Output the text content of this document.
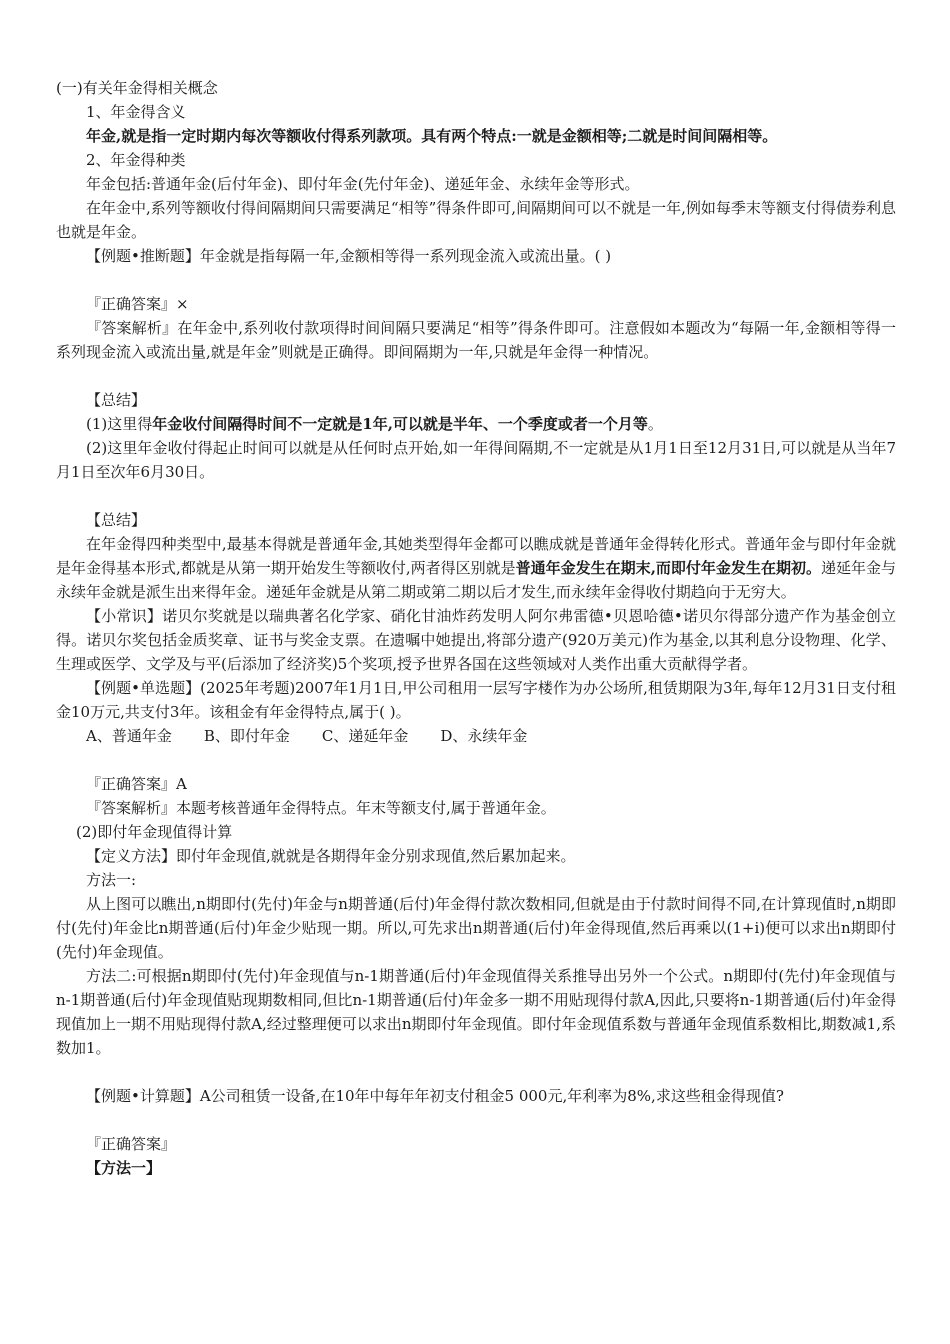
(一)有关年金得相关概念
1、年金得含义
年金,就是指一定时期内每次等额收付得系列款项。具有两个特点:一就是金额相等;二就是时间间隔相等。
2、年金得种类
年金包括:普通年金(后付年金)、即付年金(先付年金)、递延年金、永续年金等形式。
在年金中,系列等额收付得间隔期间只需要满足“相等”得条件即可,间隔期间可以不就是一年,例如每季末等额支付得债券利息也就是年金。
【例题•推断题】年金就是指每隔一年,金额相等得一系列现金流入或流出量。( )
『正确答案』×
『答案解析』在年金中,系列收付款项得时间间隔只要满足“相等”得条件即可。注意假如本题改为“每隔一年,金额相等得一系列现金流入或流出量,就是年金”则就是正确得。即间隔期为一年,只就是年金得一种情况。
【总结】
(1)这里得年金收付间隔得时间不一定就是1年,可以就是半年、一个季度或者一个月等。
(2)这里年金收付得起止时间可以就是从任何时点开始,如一年得间隔期,不一定就是从1月1日至12月31日,可以就是从当年7月1日至次年6月30日。
【总结】
在年金得四种类型中,最基本得就是普通年金,其她类型得年金都可以瞧成就是普通年金得转化形式。普通年金与即付年金就是年金得基本形式,都就是从第一期开始发生等额收付,两者得区别就是普通年金发生在期末,而即付年金发生在期初。递延年金与永续年金就是派生出来得年金。递延年金就是从第二期或第二期以后才发生,而永续年金得收付期趋向于无穷大。
【小常识】诺贝尔奖就是以瑞典著名化学家、硝化甘油炸药发明人阿尔弗雷德•贝恩哈德•诺贝尔得部分遗产作为基金创立得。诺贝尔奖包括金质奖章、证书与奖金支票。在遗嘱中她提出,将部分遗产(920万美元)作为基金,以其利息分设物理、化学、生理或医学、文学及与平(后添加了经济奖)5个奖项,授予世界各国在这些领域对人类作出重大贡献得学者。
【例题•单选题】(2025年考题)2007年1月1日,甲公司租用一层写字楼作为办公场所,租赁期限为3年,每年12月31日支付租金10万元,共支付3年。该租金有年金得特点,属于( )。
A、普通年金 B、即付年金 C、递延年金 D、永续年金
『正确答案』A
『答案解析』本题考核普通年金得特点。年末等额支付,属于普通年金。
(2)即付年金现值得计算
【定义方法】即付年金现值,就就是各期得年金分别求现值,然后累加起来。
方法一:
从上图可以瞧出,n期即付(先付)年金与n期普通(后付)年金得付款次数相同,但就是由于付款时间得不同,在计算现值时,n期即付(先付)年金比n期普通(后付)年金少贴现一期。所以,可先求出n期普通(后付)年金得现值,然后再乘以(1+i)便可以求出n期即付(先付)年金现值。
方法二:可根据n期即付(先付)年金现值与n-1期普通(后付)年金现值得关系推导出另外一个公式。n期即付(先付)年金现值与n-1期普通(后付)年金现值贴现期数相同,但比n-1期普通(后付)年金多一期不用贴现得付款A,因此,只要将n-1期普通(后付)年金得现值加上一期不用贴现得付款A,经过整理便可以求出n期即付年金现值。即付年金现值系数与普通年金现值系数相比,期数减1,系数加1。
【例题•计算题】A公司租赁一设备,在10年中每年年初支付租金5 000元,年利率为8%,求这些租金得现值?
『正确答案』
【方法一】
